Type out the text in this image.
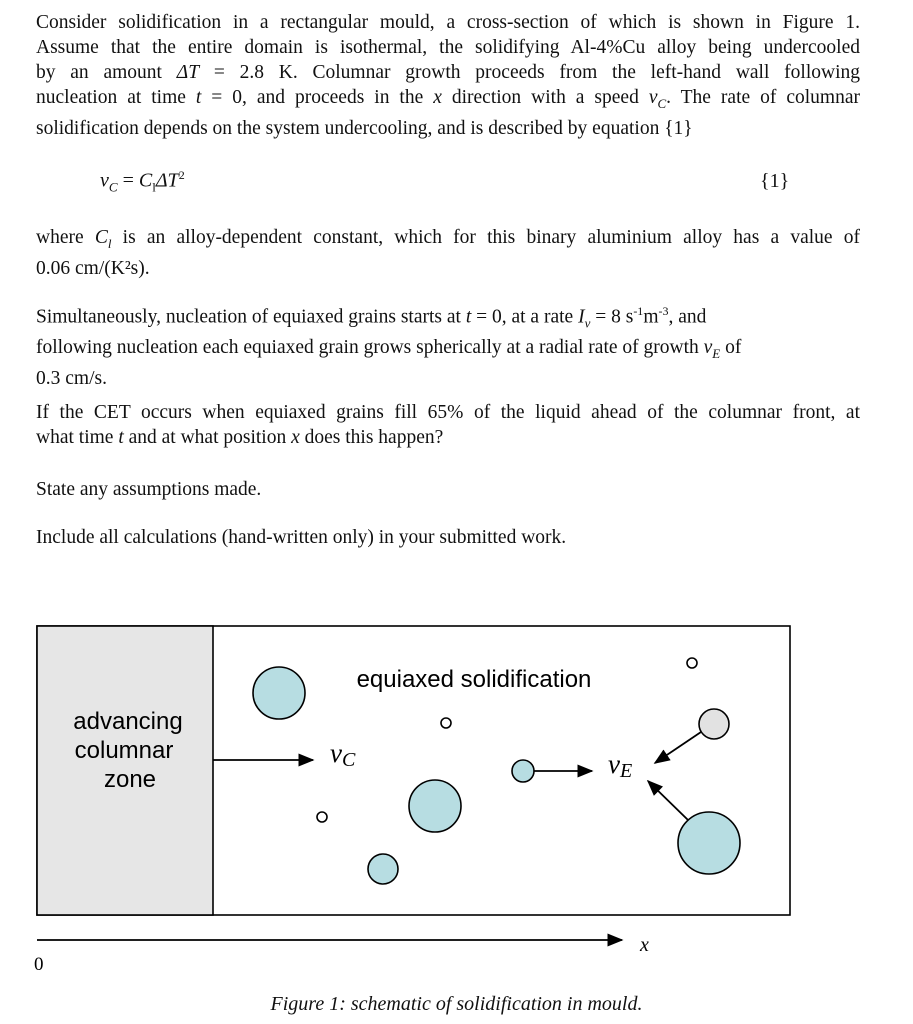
Consider solidification in a rectangular mould, a cross-section of which is shown in Figure 1.
Assume that the entire domain is isothermal, the solidifying Al-4%Cu alloy being undercooled
by an amount ΔT = 2.8 K. Columnar growth proceeds from the left-hand wall following
nucleation at time t = 0, and proceeds in the x direction with a speed $v_C$. The rate of columnar
solidification depends on the system undercooling, and is described by equation {1}
$v_C = C_l\Delta T^2$	{1}
where $C_l$ is an alloy-dependent constant, which for this binary aluminium alloy has a value of
0.06 cm/(K²s).
Simultaneously, nucleation of equiaxed grains starts at t = 0, at a rate $I_v = 8$ $s^{-1}m^{-3}$, and
following nucleation each equiaxed grain grows spherically at a radial rate of growth $v_E$ of
0.3 cm/s.
If the CET occurs when equiaxed grains fill 65% of the liquid ahead of the columnar front, at
what time t and at what position x does this happen?
State any assumptions made.
Include all calculations (hand-written only) in your submitted work.
advancing
columnar
zone
equiaxed solidification
vC	vE
x
0
Figure 1: schematic of solidification in mould.
